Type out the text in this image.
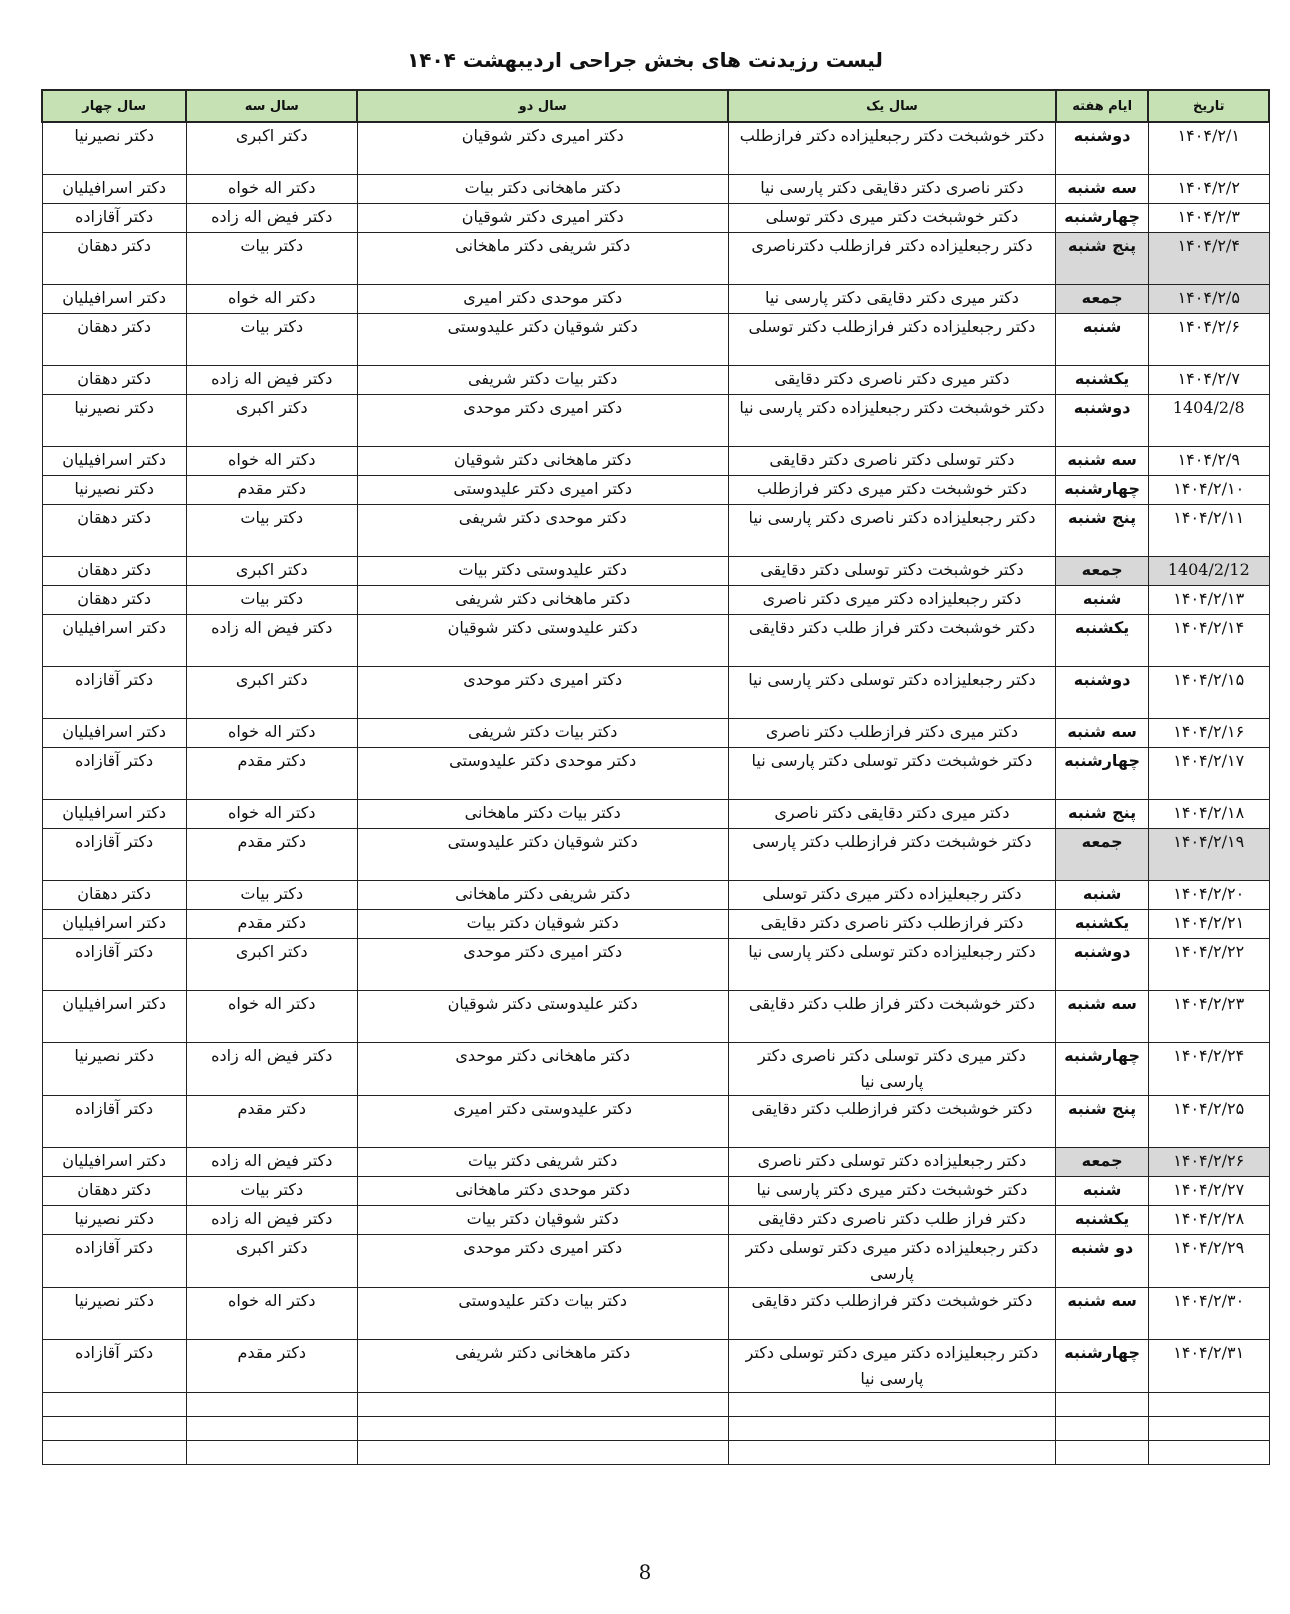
لیست رزیدنت های بخش جراحی اردیبهشت ۱۴۰۴
تاریخ	ایام هفته	سال یک	سال دو	سال سه	سال چهار
۱۴۰۴/۲/۱	دوشنبه	دکتر خوشبخت دکتر رجبعلیزاده دکتر فرازطلب	دکتر امیری دکتر شوقیان	دکتر اکبری	دکتر نصیرنیا
۱۴۰۴/۲/۲	سه شنبه	دکتر ناصری دکتر دقایقی دکتر پارسی نیا	دکتر ماهخانی دکتر بیات	دکتر اله خواه	دکتر اسرافیلیان
۱۴۰۴/۲/۳	چهارشنبه	دکتر خوشبخت دکتر میری دکتر توسلی	دکتر امیری دکتر شوقیان	دکتر فیض اله زاده	دکتر آقازاده
۱۴۰۴/۲/۴	پنج شنبه	دکتر رجبعلیزاده دکتر فرازطلب دکترناصری	دکتر شریفی دکتر ماهخانی	دکتر بیات	دکتر دهقان
۱۴۰۴/۲/۵	جمعه	دکتر میری دکتر دقایقی دکتر پارسی نیا	دکتر موحدی دکتر امیری	دکتر اله خواه	دکتر اسرافیلیان
۱۴۰۴/۲/۶	شنبه	دکتر رجبعلیزاده دکتر فرازطلب دکتر توسلی	دکتر شوقیان دکتر علیدوستی	دکتر بیات	دکتر دهقان
۱۴۰۴/۲/۷	یکشنبه	دکتر میری دکتر ناصری دکتر دقایقی	دکتر بیات دکتر شریفی	دکتر فیض اله زاده	دکتر دهقان
1404/2/8	دوشنبه	دکتر خوشبخت دکتر رجبعلیزاده دکتر پارسی نیا	دکتر امیری دکتر موحدی	دکتر اکبری	دکتر نصیرنیا
۱۴۰۴/۲/۹	سه شنبه	دکتر توسلی دکتر ناصری دکتر دقایقی	دکتر ماهخانی دکتر شوقیان	دکتر اله خواه	دکتر اسرافیلیان
۱۴۰۴/۲/۱۰	چهارشنبه	دکتر خوشبخت دکتر میری دکتر فرازطلب	دکتر امیری دکتر علیدوستی	دکتر مقدم	دکتر نصیرنیا
۱۴۰۴/۲/۱۱	پنج شنبه	دکتر رجبعلیزاده دکتر ناصری دکتر پارسی نیا	دکتر موحدی دکتر شریفی	دکتر بیات	دکتر دهقان
1404/2/12	جمعه	دکتر خوشبخت دکتر توسلی دکتر دقایقی	دکتر علیدوستی دکتر بیات	دکتر اکبری	دکتر دهقان
۱۴۰۴/۲/۱۳	شنبه	دکتر رجبعلیزاده دکتر میری دکتر ناصری	دکتر ماهخانی دکتر شریفی	دکتر بیات	دکتر دهقان
۱۴۰۴/۲/۱۴	یکشنبه	دکتر خوشبخت دکتر فراز طلب دکتر دقایقی	دکتر علیدوستی دکتر شوقیان	دکتر فیض اله زاده	دکتر اسرافیلیان
۱۴۰۴/۲/۱۵	دوشنبه	دکتر رجبعلیزاده دکتر توسلی دکتر پارسی نیا	دکتر امیری دکتر موحدی	دکتر اکبری	دکتر آقازاده
۱۴۰۴/۲/۱۶	سه شنبه	دکتر میری دکتر فرازطلب دکتر ناصری	دکتر بیات دکتر شریفی	دکتر اله خواه	دکتر اسرافیلیان
۱۴۰۴/۲/۱۷	چهارشنبه	دکتر خوشبخت دکتر توسلی دکتر پارسی نیا	دکتر موحدی دکتر علیدوستی	دکتر مقدم	دکتر آقازاده
۱۴۰۴/۲/۱۸	پنج شنبه	دکتر میری دکتر دقایقی دکتر ناصری	دکتر بیات دکتر ماهخانی	دکتر اله خواه	دکتر اسرافیلیان
۱۴۰۴/۲/۱۹	جمعه	دکتر خوشبخت دکتر فرازطلب دکتر پارسی	دکتر شوقیان دکتر علیدوستی	دکتر مقدم	دکتر آقازاده
۱۴۰۴/۲/۲۰	شنبه	دکتر رجبعلیزاده دکتر میری دکتر توسلی	دکتر شریفی دکتر ماهخانی	دکتر بیات	دکتر دهقان
۱۴۰۴/۲/۲۱	یکشنبه	دکتر فرازطلب دکتر ناصری دکتر دقایقی	دکتر شوقیان دکتر بیات	دکتر مقدم	دکتر اسرافیلیان
۱۴۰۴/۲/۲۲	دوشنبه	دکتر رجبعلیزاده دکتر توسلی دکتر پارسی نیا	دکتر امیری دکتر موحدی	دکتر اکبری	دکتر آقازاده
۱۴۰۴/۲/۲۳	سه شنبه	دکتر خوشبخت دکتر فراز طلب دکتر دقایقی	دکتر علیدوستی دکتر شوقیان	دکتر اله خواه	دکتر اسرافیلیان
۱۴۰۴/۲/۲۴	چهارشنبه	دکتر میری دکتر توسلی دکتر ناصری دکتر پارسی نیا	دکتر ماهخانی دکتر موحدی	دکتر فیض اله زاده	دکتر نصیرنیا
۱۴۰۴/۲/۲۵	پنج شنبه	دکتر خوشبخت دکتر فرازطلب دکتر دقایقی	دکتر علیدوستی دکتر امیری	دکتر مقدم	دکتر آقازاده
۱۴۰۴/۲/۲۶	جمعه	دکتر رجبعلیزاده دکتر توسلی دکتر ناصری	دکتر شریفی دکتر بیات	دکتر فیض اله زاده	دکتر اسرافیلیان
۱۴۰۴/۲/۲۷	شنبه	دکتر خوشبخت دکتر میری دکتر پارسی نیا	دکتر موحدی دکتر ماهخانی	دکتر بیات	دکتر دهقان
۱۴۰۴/۲/۲۸	یکشنبه	دکتر فراز طلب دکتر ناصری دکتر دقایقی	دکتر شوقیان دکتر بیات	دکتر فیض اله زاده	دکتر نصیرنیا
۱۴۰۴/۲/۲۹	دو شنبه	دکتر رجبعلیزاده دکتر میری دکتر توسلی دکتر پارسی	دکتر امیری دکتر موحدی	دکتر اکبری	دکتر آقازاده
۱۴۰۴/۲/۳۰	سه شنبه	دکتر خوشبخت دکتر فرازطلب دکتر دقایقی	دکتر بیات دکتر علیدوستی	دکتر اله خواه	دکتر نصیرنیا
۱۴۰۴/۲/۳۱	چهارشنبه	دکتر رجبعلیزاده دکتر میری دکتر توسلی دکتر پارسی نیا	دکتر ماهخانی دکتر شریفی	دکتر مقدم	دکتر آقازاده

8
